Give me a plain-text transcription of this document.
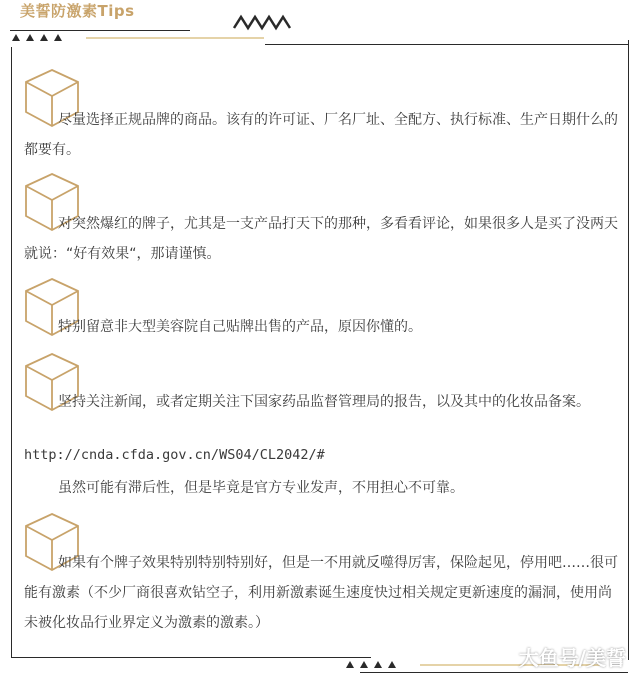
美誓防激素Tips

尽量选择正规品牌的商品。该有的许可证、厂名厂址、全配方、执行标准、生产日期什么的都要有。

对突然爆红的牌子，尤其是一支产品打天下的那种，多看看评论，如果很多人是买了没两天就说：“好有效果“，那请谨慎。

特别留意非大型美容院自己贴牌出售的产品，原因你懂的。

坚持关注新闻，或者定期关注下国家药品监督管理局的报告，以及其中的化妆品备案。

http://cnda.cfda.gov.cn/WS04/CL2042/#
虽然可能有滞后性，但是毕竟是官方专业发声，不用担心不可靠。

如果有个牌子效果特别特别特别好，但是一不用就反噬得厉害，保险起见，停用吧……很可能有激素（不少厂商很喜欢钻空子，利用新激素诞生速度快过相关规定更新速度的漏洞，使用尚未被化妆品行业界定义为激素的激素。）

大鱼号/美誓
